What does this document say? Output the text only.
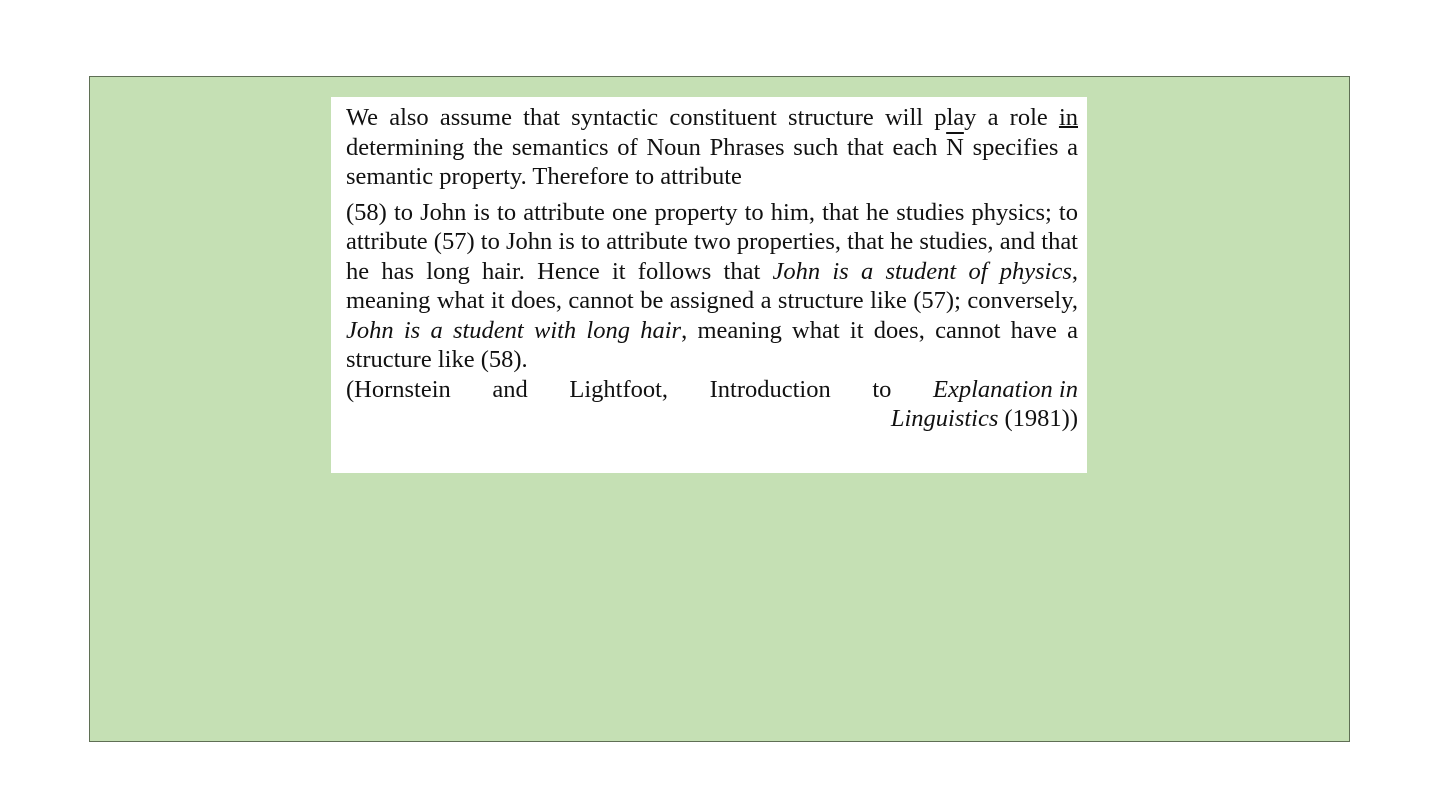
We also assume that syntactic constituent structure will play a role in determining the semantics of Noun Phrases such that each $\overline{N}$ specifies a semantic property. Therefore to attribute
(58) to John is to attribute one property to him, that he studies physics; to attribute (57) to John is to attribute two properties, that he studies, and that he has long hair. Hence it follows that John is a student of physics, meaning what it does, cannot be assigned a structure like (57); conversely, John is a student with long hair, meaning what it does, cannot have a structure like (58).
(Hornstein and Lightfoot, Introduction to Explanation in
Linguistics (1981))
